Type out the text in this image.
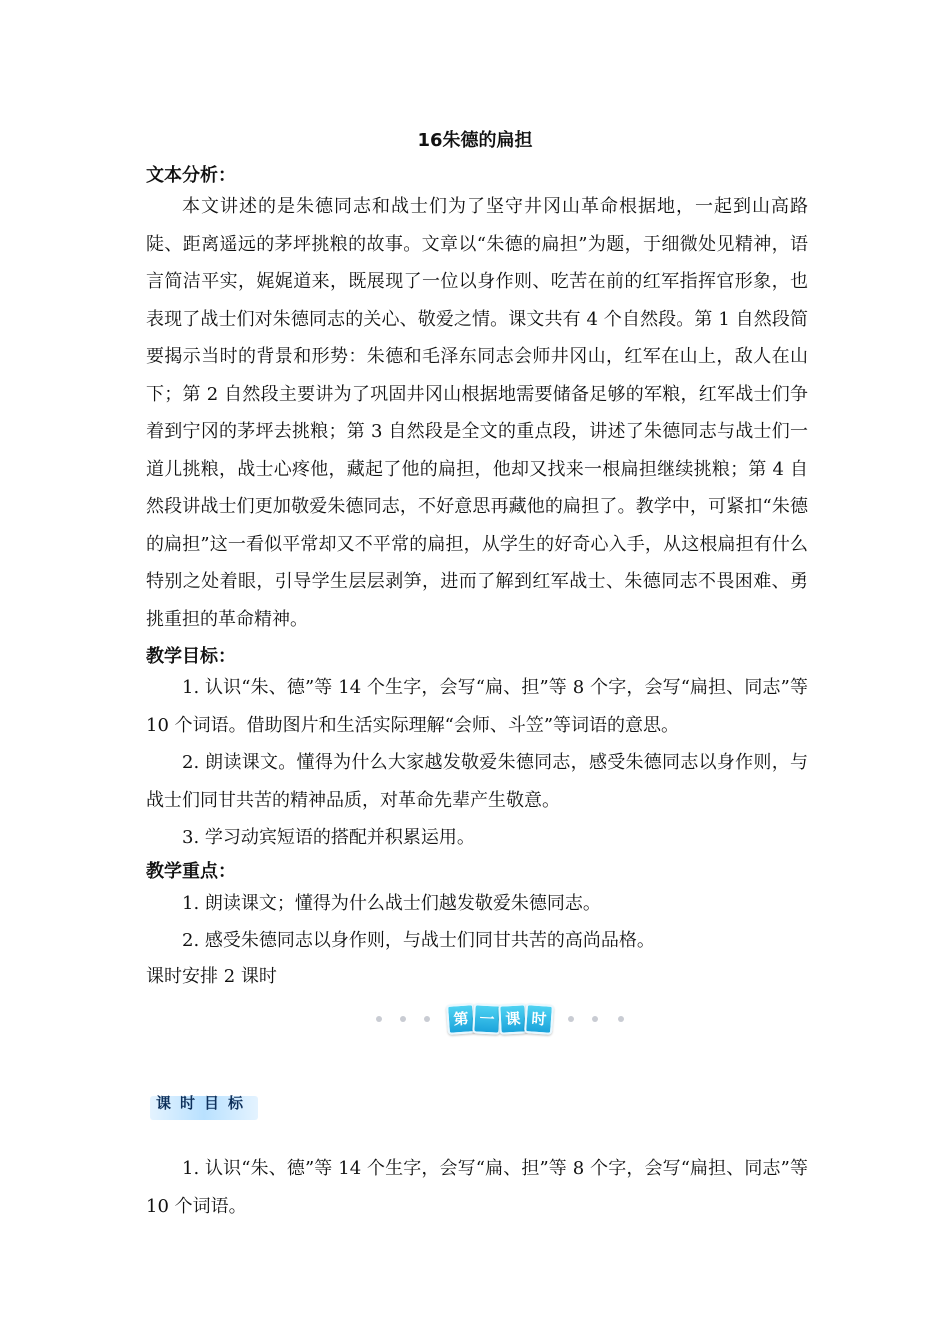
16朱德的扁担
文本分析：

本文讲述的是朱德同志和战士们为了坚守井冈山革命根据地，一起到山高路陡、距离遥远的茅坪挑粮的故事。文章以“朱德的扁担”为题，于细微处见精神，语言简洁平实，娓娓道来，既展现了一位以身作则、吃苦在前的红军指挥官形象，也表现了战士们对朱德同志的关心、敬爱之情。课文共有 4 个自然段。第 1 自然段简要揭示当时的背景和形势：朱德和毛泽东同志会师井冈山，红军在山上，敌人在山下；第 2 自然段主要讲为了巩固井冈山根据地需要储备足够的军粮，红军战士们争着到宁冈的茅坪去挑粮；第 3 自然段是全文的重点段，讲述了朱德同志与战士们一道儿挑粮，战士心疼他，藏起了他的扁担，他却又找来一根扁担继续挑粮；第 4 自然段讲战士们更加敬爱朱德同志，不好意思再藏他的扁担了。教学中，可紧扣“朱德的扁担”这一看似平常却又不平常的扁担，从学生的好奇心入手，从这根扁担有什么特别之处着眼，引导学生层层剥笋，进而了解到红军战士、朱德同志不畏困难、勇挑重担的革命精神。

教学目标：

1. 认识“朱、德”等 14 个生字，会写“扁、担”等 8 个字，会写“扁担、同志”等 10 个词语。借助图片和生活实际理解“会师、斗笠”等词语的意思。

2. 朗读课文。懂得为什么大家越发敬爱朱德同志，感受朱德同志以身作则，与战士们同甘共苦的精神品质，对革命先辈产生敬意。

3. 学习动宾短语的搭配并积累运用。

教学重点：

1. 朗读课文；懂得为什么战士们越发敬爱朱德同志。

2. 感受朱德同志以身作则，与战士们同甘共苦的高尚品格。

课时安排 2 课时

第 一 课 时
课时目标

1. 认识“朱、德”等 14 个生字，会写“扁、担”等 8 个字，会写“扁担、同志”等 10 个词语。
